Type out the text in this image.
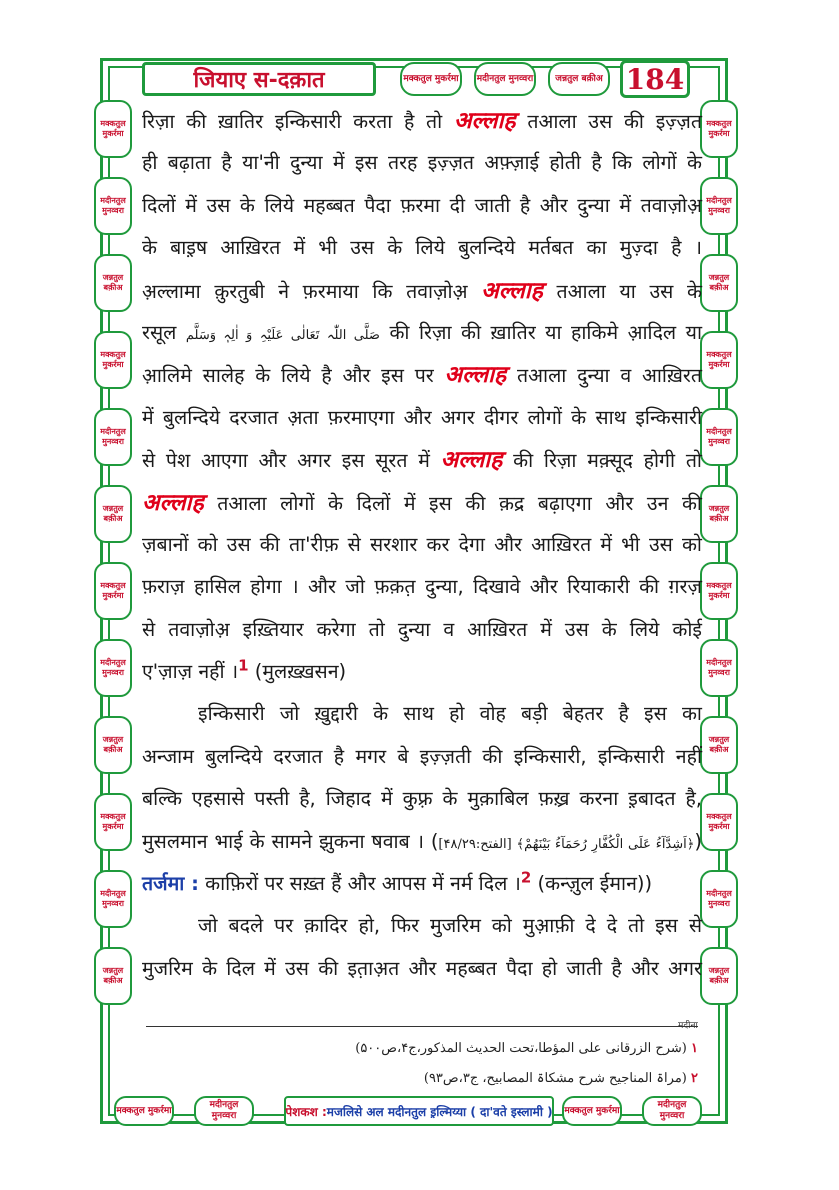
जियाए स-दक़ात	मक्कतुल मुकर्रमा	मदीनतुल मुनव्वरा	जन्नतुल बक़ीअ 184
मक्कतुल मुकर्रमा
मदीनतुल मुनव्वरा
जन्नतुल बक़ीअ
मक्कतुल मुकर्रमा
मदीनतुल मुनव्वरा
जन्नतुल बक़ीअ
मक्कतुल मुकर्रमा
मदीनतुल मुनव्वरा
जन्नतुल बक़ीअ
मक्कतुल मुकर्रमा
मदीनतुल मुनव्वरा
जन्नतुल बक़ीअ
मक्कतुल मुकर्रमा
मदीनतुल मुनव्वरा
जन्नतुल बक़ीअ
मक्कतुल मुकर्रमा
मदीनतुल मुनव्वरा
जन्नतुल बक़ीअ
मक्कतुल मुकर्रमा
मदीनतुल मुनव्वरा
जन्नतुल बक़ीअ
मक्कतुल मुकर्रमा
मदीनतुल मुनव्वरा
जन्नतुल बक़ीअ
रिज़ा की ख़ातिर इन्किसारी करता है तो अल्लाह तआला उस की इज़्ज़त
ही बढ़ाता है या'नी दुन्या में इस तरह इज़्ज़त अफ़्ज़ाई होती है कि लोगों के
दिलों में उस के लिये महब्बत पैदा फ़रमा दी जाती है और दुन्या में तवाज़ोअ़
के बाइ़ष आख़िरत में भी उस के लिये बुलन्दिये मर्तबत का मुज़्दा है ।
अ़ल्लामा क़ुरतुबी ने फ़रमाया कि तवाज़ोअ़ अल्लाह तआला या उस के
रसूल صَلَّى اللّٰہ تَعَالٰی عَلَیْہِ وَ اٰلِہٖ وَسَلَّم की रिज़ा की ख़ातिर या हाकिमे आ़दिल या
आ़लिमे सालेह के लिये है और इस पर अल्लाह तआला दुन्या व आख़िरत
में बुलन्दिये दरजात अ़ता फ़रमाएगा और अगर दीगर लोगों के साथ इन्किसारी
से पेश आएगा और अगर इस सूरत में अल्लाह की रिज़ा मक़्सूद होगी तो
अल्लाह तआला लोगों के दिलों में इस की क़द्र बढ़ाएगा और उन की
ज़बानों को उस की ता'रीफ़ से सरशार कर देगा और आख़िरत में भी उस को
फ़राज़ हासिल होगा । और जो फ़क़त़ दुन्या, दिखावे और रियाकारी की ग़रज़
से तवाज़ोअ़ इख़्तियार करेगा तो दुन्या व आख़िरत में उस के लिये कोई
ए'ज़ाज़ नहीं ।$^1$ (मुलख़्ख़सन)
इन्किसारी जो ख़ुद्दारी के साथ हो वोह बड़ी बेहतर है इस का
अन्जाम बुलन्दिये दरजात है मगर बे इज़्ज़ती की इन्किसारी, इन्किसारी नहीं
बल्कि एहसासे पस्ती है, जिहाद में कुफ़्र के मुक़ाबिल फ़ख़्र करना इ़बादत है,
मुसलमान भाई के सामने झुकना षवाब । (﴿اَشِدَّآءُ عَلَی الْکُفَّارِ رُحَمَآءُ بَیْنَھُمْ﴾ [الفتح:۴۸/۲۹])
तर्जमा : काफ़िरों पर सख़्त हैं और आपस में नर्म दिल ।$^2$ (कन्ज़ुल ईमान))
जो बदले पर क़ादिर हो, फिर मुजरिम को मुआ़फ़ी दे दे तो इस से
मुजरिम के दिल में उस की इत़ाअ़त और महब्बत पैदा हो जाती है और अगर
मदीना
۱ (شرح الزرقانی علی المؤطا،تحت الحدیث المذکور،ج۴،ص۵۰۰)
۲ (مراۃ المناجیح شرح مشکاۃ المصابیح، ج۳،ص۹۳)
मक्कतुल मुकर्रमा
मदीनतुल मुनव्वरा	पेशकश : मजलिसे अल मदीनतुल इ़ल्मिय्या ( दा'वते इस्लामी ) मक्कतुल मुकर्रमा
मदीनतुल मुनव्वरा
